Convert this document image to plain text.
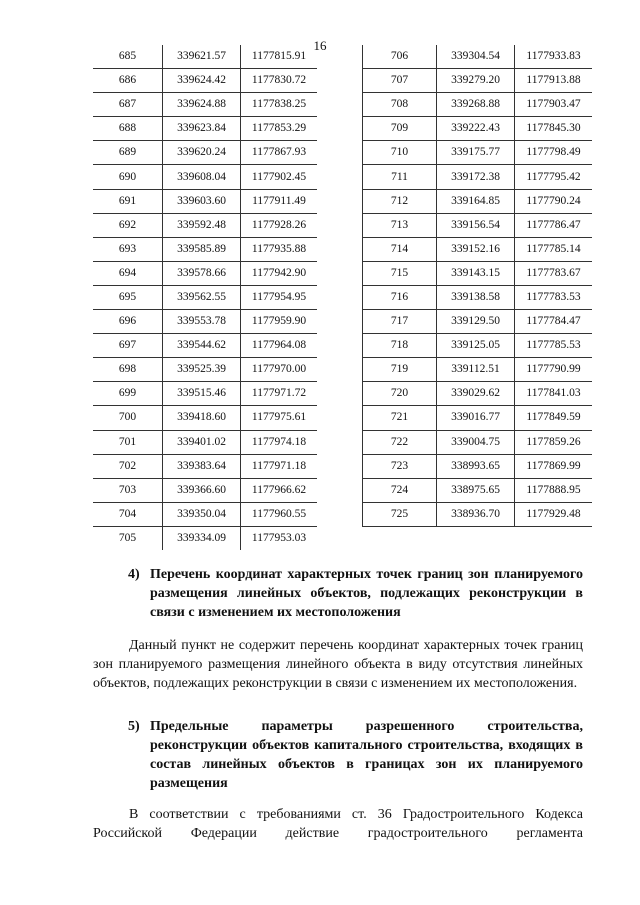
16
685	339621.57	1177815.91
686	339624.42	1177830.72
687	339624.88	1177838.25
688	339623.84	1177853.29
689	339620.24	1177867.93
690	339608.04	1177902.45
691	339603.60	1177911.49
692	339592.48	1177928.26
693	339585.89	1177935.88
694	339578.66	1177942.90
695	339562.55	1177954.95
696	339553.78	1177959.90
697	339544.62	1177964.08
698	339525.39	1177970.00
699	339515.46	1177971.72
700	339418.60	1177975.61
701	339401.02	1177974.18
702	339383.64	1177971.18
703	339366.60	1177966.62
704	339350.04	1177960.55
705	339334.09	1177953.03
706	339304.54	1177933.83
707	339279.20	1177913.88
708	339268.88	1177903.47
709	339222.43	1177845.30
710	339175.77	1177798.49
711	339172.38	1177795.42
712	339164.85	1177790.24
713	339156.54	1177786.47
714	339152.16	1177785.14
715	339143.15	1177783.67
716	339138.58	1177783.53
717	339129.50	1177784.47
718	339125.05	1177785.53
719	339112.51	1177790.99
720	339029.62	1177841.03
721	339016.77	1177849.59
722	339004.75	1177859.26
723	338993.65	1177869.99
724	338975.65	1177888.95
725	338936.70	1177929.48
4) Перечень координат характерных точек границ зон планируемого размещения линейных объектов, подлежащих реконструкции в связи с изменением их местоположения

Данный пункт не содержит перечень координат характерных точек границ зон планируемого размещения линейного объекта в виду отсутствия линейных объектов, подлежащих реконструкции в связи с изменением их местоположения.

5) Предельные параметры разрешенного строительства, реконструкции объектов капитального строительства, входящих в состав линейных объектов в границах зон их планируемого размещения

В соответствии с требованиями ст. 36 Градостроительного Кодекса Российской Федерации действие градостроительного регламента
